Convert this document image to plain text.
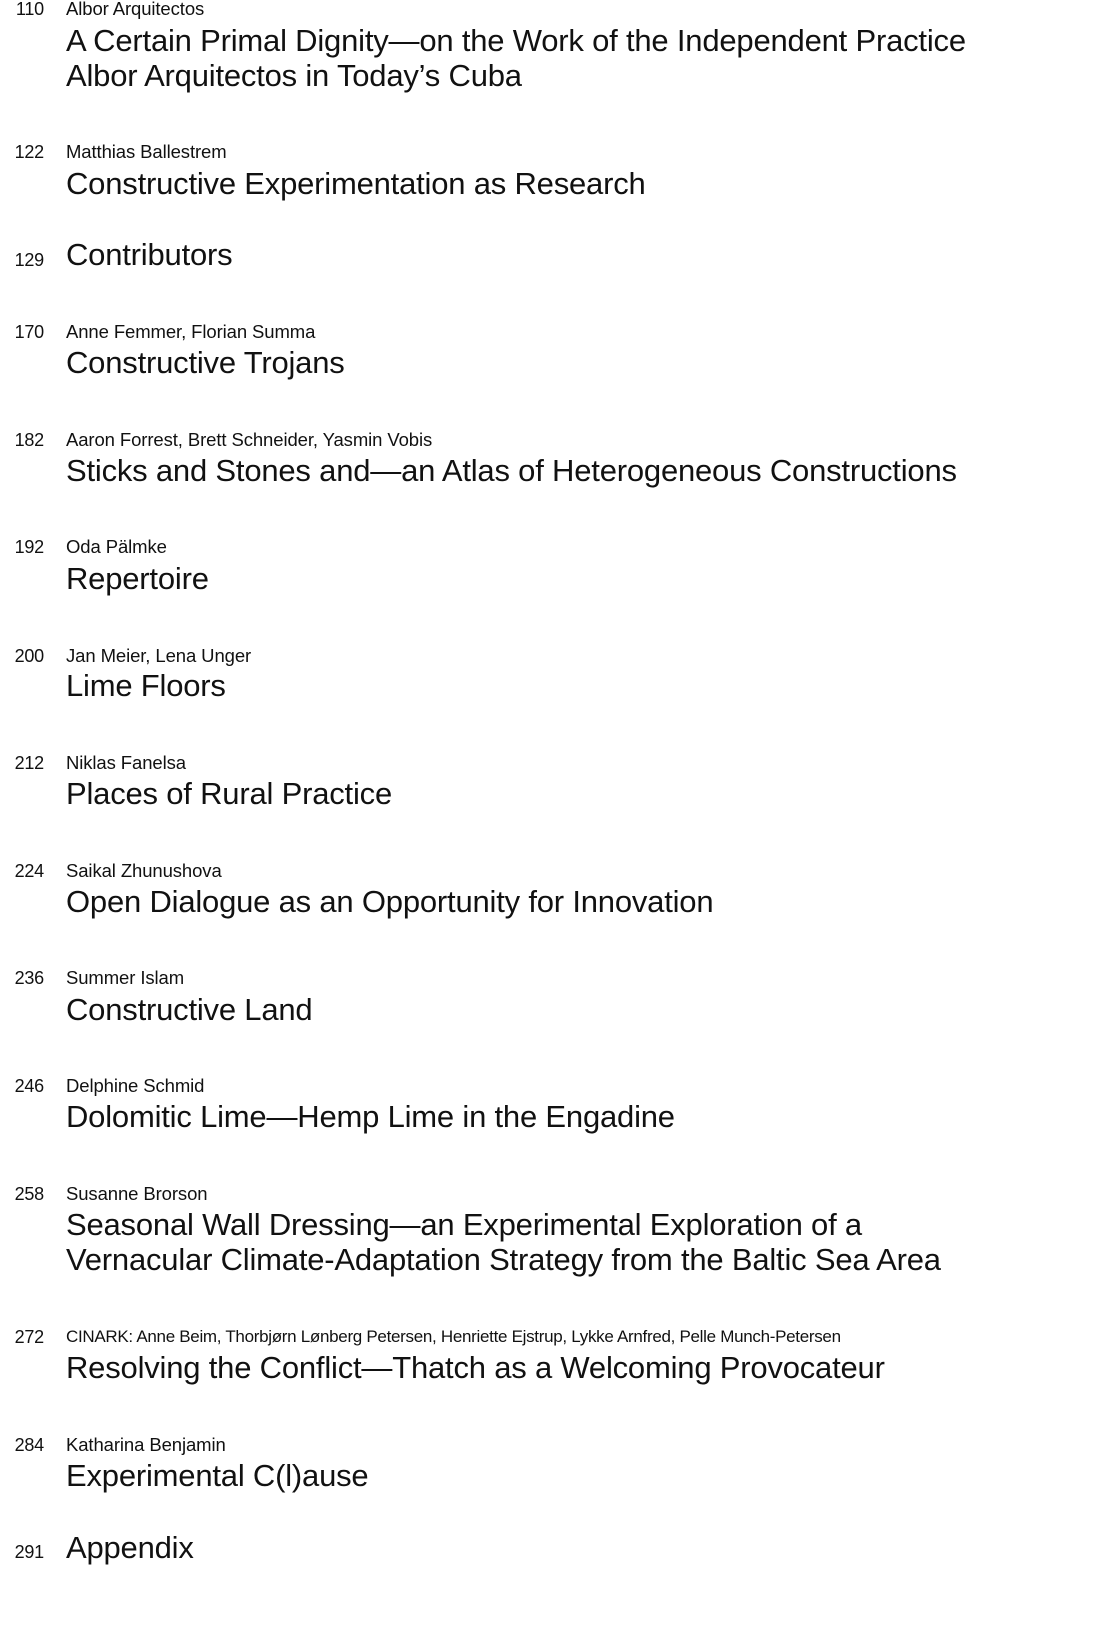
110 Albor Arquitectos
A Certain Primal Dignity—on the Work of the Independent Practice
Albor Arquitectos in Today’s Cuba
122 Matthias Ballestrem
Constructive Experimentation as Research
129 Contributors
170 Anne Femmer, Florian Summa
Constructive Trojans
182 Aaron Forrest, Brett Schneider, Yasmin Vobis
Sticks and Stones and—an Atlas of Heterogeneous Constructions
192 Oda Pälmke
Repertoire
200 Jan Meier, Lena Unger
Lime Floors
212 Niklas Fanelsa
Places of Rural Practice
224 Saikal Zhunushova
Open Dialogue as an Opportunity for Innovation
236 Summer Islam
Constructive Land
246 Delphine Schmid
Dolomitic Lime—Hemp Lime in the Engadine
258 Susanne Brorson
Seasonal Wall Dressing—an Experimental Exploration of a
Vernacular Climate-Adaptation Strategy from the Baltic Sea Area
272 CINARK: Anne Beim, Thorbjørn Lønberg Petersen, Henriette Ejstrup, Lykke Arnfred, Pelle Munch-Petersen
Resolving the Conflict—Thatch as a Welcoming Provocateur
284 Katharina Benjamin
Experimental C(l)ause
291 Appendix
